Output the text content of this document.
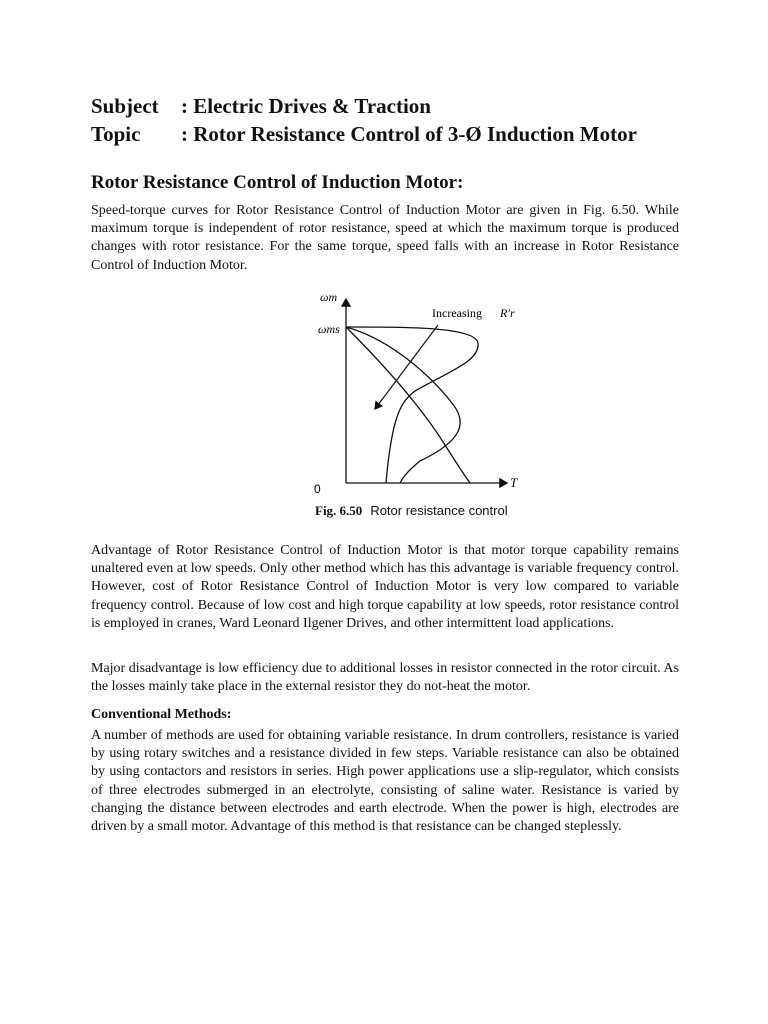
Subject : Electric Drives & Traction
Topic : Rotor Resistance Control of 3-Ø Induction Motor
Rotor Resistance Control of Induction Motor:

Speed-torque curves for Rotor Resistance Control of Induction Motor are given in Fig. 6.50. While maximum torque is independent of rotor resistance, speed at which the maximum torque is produced changes with rotor resistance. For the same torque, speed falls with an increase in Rotor Resistance Control of Induction Motor.

ωm
ωms
T
0
Increasing R′r
Fig. 6.50 Rotor resistance control

Advantage of Rotor Resistance Control of Induction Motor is that motor torque capability remains unaltered even at low speeds. Only other method which has this advantage is variable frequency control. However, cost of Rotor Resistance Control of Induction Motor is very low compared to variable frequency control. Because of low cost and high torque capability at low speeds, rotor resistance control is employed in cranes, Ward Leonard Ilgener Drives, and other intermittent load applications.

Major disadvantage is low efficiency due to additional losses in resistor connected in the rotor circuit. As the losses mainly take place in the external resistor they do not-heat the motor.

Conventional Methods:

A number of methods are used for obtaining variable resistance. In drum controllers, resistance is varied by using rotary switches and a resistance divided in few steps. Variable resistance can also be obtained by using contactors and resistors in series. High power applications use a slip-regulator, which consists of three electrodes submerged in an electrolyte, consisting of saline water. Resistance is varied by changing the distance between electrodes and earth electrode. When the power is high, electrodes are driven by a small motor. Advantage of this method is that resistance can be changed steplessly.
